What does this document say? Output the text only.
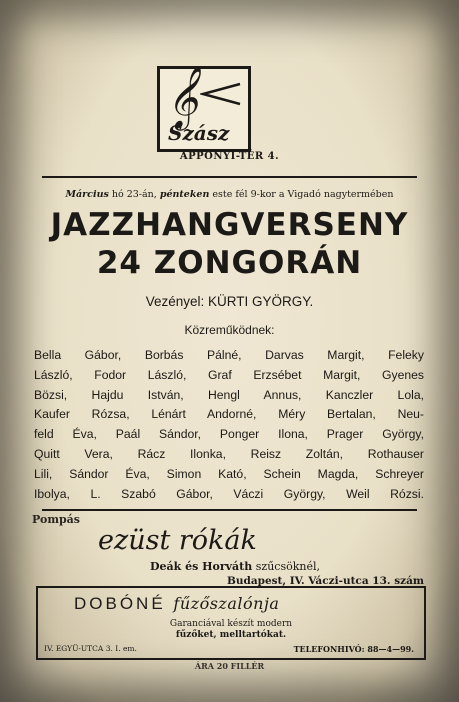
𝄞
Szász
APPONYI-TÉR 4.
Március hó 23-án, pénteken este fél 9-kor a Vigadó nagytermében
JAZZHANGVERSENY
24 ZONGORÁN
Vezényel: KÜRTI GYÖRGY.
Közreműködnek:
Bella Gábor, Borbás Pálné, Darvas Margit, Feleky
László, Fodor László, Graf Erzsébet Margit, Gyenes
Bözsi, Hajdu István, Hengl Annus, Kanczler Lola,
Kaufer Rózsa, Lénárt Andorné, Méry Bertalan, Neu-
feld Éva, Paál Sándor, Ponger Ilona, Prager György,
Quitt Vera, Rácz Ilonka, Reisz Zoltán, Rothauser
Lili, Sándor Éva, Simon Kató, Schein Magda, Schreyer
Ibolya, L. Szabó Gábor, Váczi György, Weil Rózsi.
Pompás
ezüst rókák
Deák és Horváth szűcsöknél,
Budapest, IV. Váczi-utca 13. szám
DOBÓNÉ fűzőszalónja
Garanciával készít modern
fűzőket, melltartókat.
IV. EGYÜ-UTCA 3. I. em.	TELEFONHIVÓ: 88—4—99.
ÁRA 20 FILLÉR
